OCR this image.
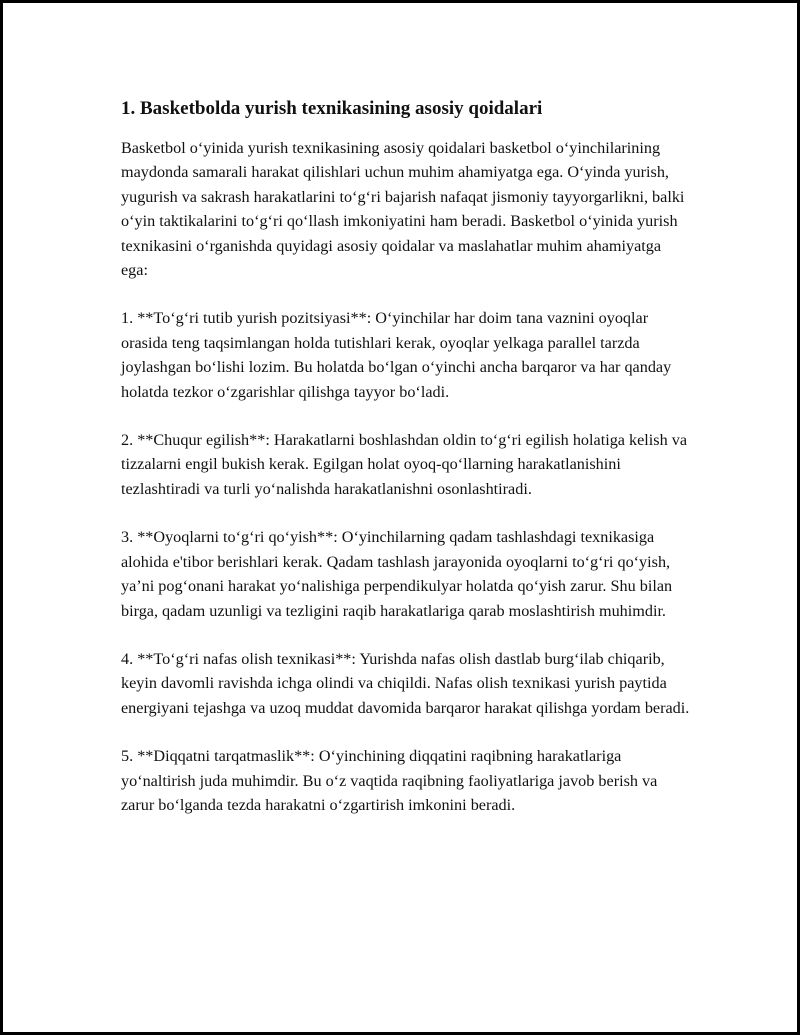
1. Basketbolda yurish texnikasining asosiy qoidalari

Basketbol o‘yinida yurish texnikasining asosiy qoidalari basketbol o‘yinchilarining maydonda samarali harakat qilishlari uchun muhim ahamiyatga ega. O‘yinda yurish, yugurish va sakrash harakatlarini to‘g‘ri bajarish nafaqat jismoniy tayyorgarlikni, balki o‘yin taktikalarini to‘g‘ri qo‘llash imkoniyatini ham beradi. Basketbol o‘yinida yurish texnikasini o‘rganishda quyidagi asosiy qoidalar va maslahatlar muhim ahamiyatga ega:

1. **To‘g‘ri tutib yurish pozitsiyasi**: O‘yinchilar har doim tana vaznini oyoqlar orasida teng taqsimlangan holda tutishlari kerak, oyoqlar yelkaga parallel tarzda joylashgan bo‘lishi lozim. Bu holatda bo‘lgan o‘yinchi ancha barqaror va har qanday holatda tezkor o‘zgarishlar qilishga tayyor bo‘ladi.

2. **Chuqur egilish**: Harakatlarni boshlashdan oldin to‘g‘ri egilish holatiga kelish va tizzalarni engil bukish kerak. Egilgan holat oyoq-qo‘llarning harakatlanishini tezlashtiradi va turli yo‘nalishda harakatlanishni osonlashtiradi.

3. **Oyoqlarni to‘g‘ri qo‘yish**: O‘yinchilarning qadam tashlashdagi texnikasiga alohida e'tibor berishlari kerak. Qadam tashlash jarayonida oyoqlarni to‘g‘ri qo‘yish, ya’ni pog‘onani harakat yo‘nalishiga perpendikulyar holatda qo‘yish zarur. Shu bilan birga, qadam uzunligi va tezligini raqib harakatlariga qarab moslashtirish muhimdir.

4. **To‘g‘ri nafas olish texnikasi**: Yurishda nafas olish dastlab burg‘ilab chiqarib, keyin davomli ravishda ichga olindi va chiqildi. Nafas olish texnikasi yurish paytida energiyani tejashga va uzoq muddat davomida barqaror harakat qilishga yordam beradi.

5. **Diqqatni tarqatmaslik**: O‘yinchining diqqatini raqibning harakatlariga yo‘naltirish juda muhimdir. Bu o‘z vaqtida raqibning faoliyatlariga javob berish va zarur bo‘lganda tezda harakatni o‘zgartirish imkonini beradi.
